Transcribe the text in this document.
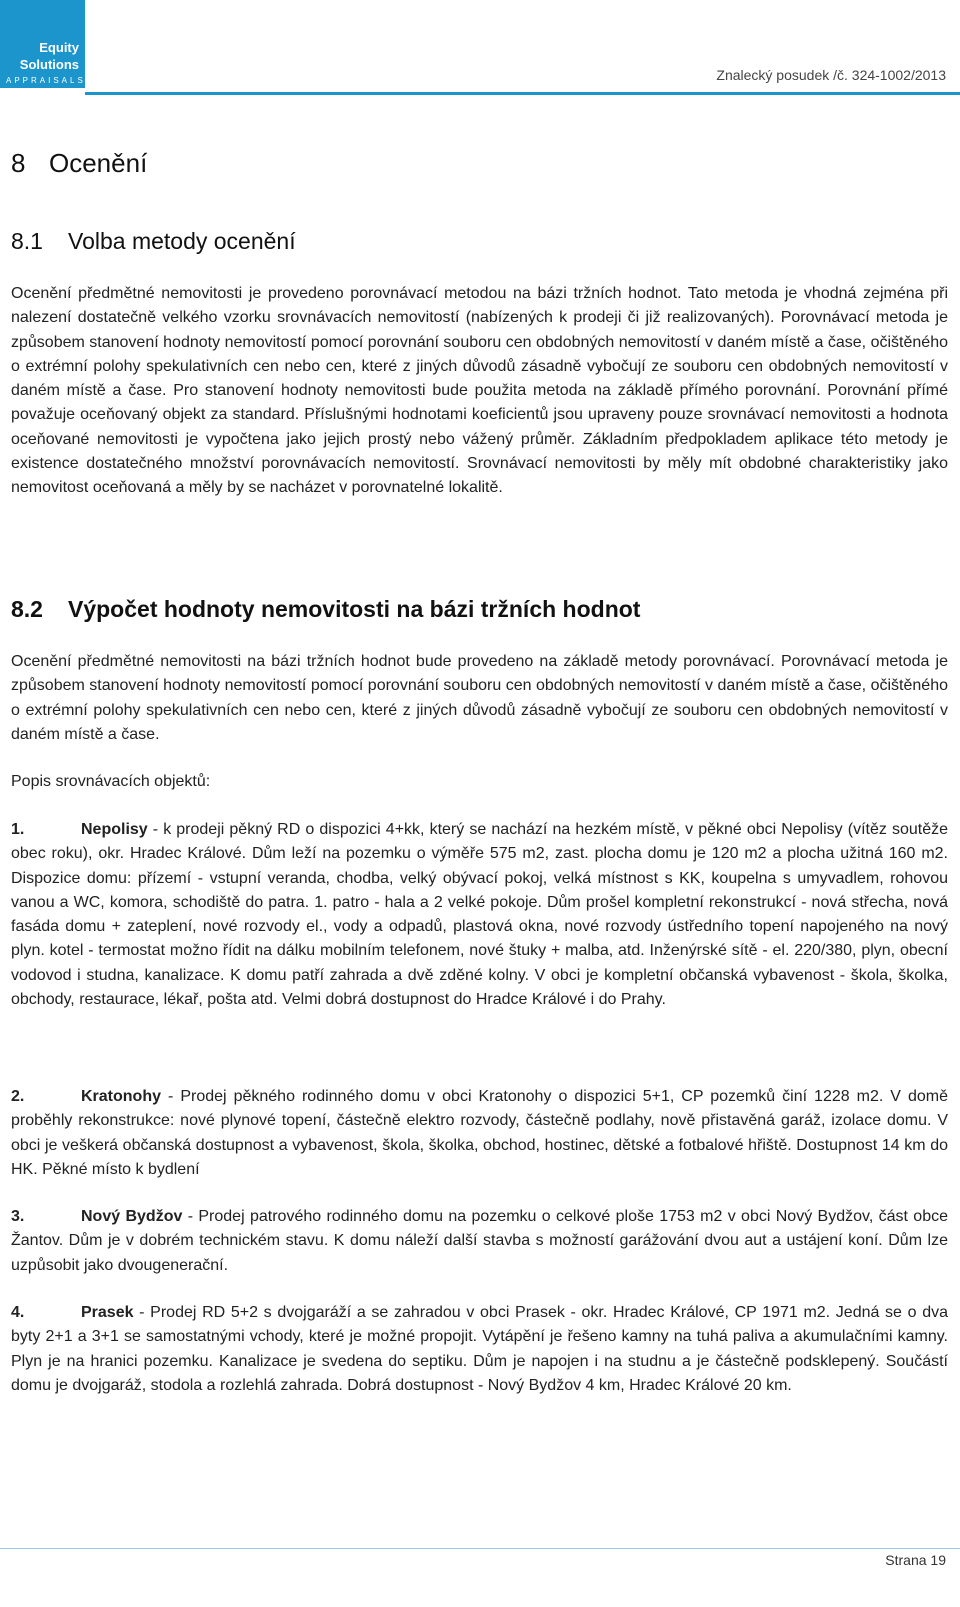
Equity
Solutions
APPRAISALS	Znalecký posudek /č. 324-1002/2013
8 Ocenění
8.1 Volba metody ocenění

Ocenění předmětné nemovitosti je provedeno porovnávací metodou na bázi tržních hodnot. Tato metoda je vhodná zejména při nalezení dostatečně velkého vzorku srovnávacích nemovitostí (nabízených k prodeji či již realizovaných). Porovnávací metoda je způsobem stanovení hodnoty nemovitostí pomocí porovnání souboru cen obdobných nemovitostí v daném místě a čase, očištěného o extrémní polohy spekulativních cen nebo cen, které z jiných důvodů zásadně vybočují ze souboru cen obdobných nemovitostí v daném místě a čase. Pro stanovení hodnoty nemovitosti bude použita metoda na základě přímého porovnání. Porovnání přímé považuje oceňovaný objekt za standard. Příslušnými hodnotami koeficientů jsou upraveny pouze srovnávací nemovitosti a hodnota oceňované nemovitosti je vypočtena jako jejich prostý nebo vážený průměr. Základním předpokladem aplikace této metody je existence dostatečného množství porovnávacích nemovitostí. Srovnávací nemovitosti by měly mít obdobné charakteristiky jako nemovitost oceňovaná a měly by se nacházet v porovnatelné lokalitě.

8.2 Výpočet hodnoty nemovitosti na bázi tržních hodnot

Ocenění předmětné nemovitosti na bázi tržních hodnot bude provedeno na základě metody porovnávací. Porovnávací metoda je způsobem stanovení hodnoty nemovitostí pomocí porovnání souboru cen obdobných nemovitostí v daném místě a čase, očištěného o extrémní polohy spekulativních cen nebo cen, které z jiných důvodů zásadně vybočují ze souboru cen obdobných nemovitostí v daném místě a čase.

Popis srovnávacích objektů:

1.	Nepolisy - k prodeji pěkný RD o dispozici 4+kk, který se nachází na hezkém místě, v pěkné obci Nepolisy (vítěz soutěže obec roku), okr. Hradec Králové. Dům leží na pozemku o výměře 575 m2, zast. plocha domu je 120 m2 a plocha užitná 160 m2. Dispozice domu: přízemí - vstupní veranda, chodba, velký obývací pokoj, velká místnost s KK, koupelna s umyvadlem, rohovou vanou a WC, komora, schodiště do patra. 1. patro - hala a 2 velké pokoje. Dům prošel kompletní rekonstrukcí - nová střecha, nová fasáda domu + zateplení, nové rozvody el., vody a odpadů, plastová okna, nové rozvody ústředního topení napojeného na nový plyn. kotel - termostat možno řídit na dálku mobilním telefonem, nové štuky + malba, atd. Inženýrské sítě - el. 220/380, plyn, obecní vodovod i studna, kanalizace. K domu patří zahrada a dvě zděné kolny. V obci je kompletní občanská vybavenost - škola, školka, obchody, restaurace, lékař, pošta atd. Velmi dobrá dostupnost do Hradce Králové i do Prahy.

2.	Kratonohy - Prodej pěkného rodinného domu v obci Kratonohy o dispozici 5+1, CP pozemků činí 1228 m2. V domě proběhly rekonstrukce: nové plynové topení, částečně elektro rozvody, částečně podlahy, nově přistavěná garáž, izolace domu. V obci je veškerá občanská dostupnost a vybavenost, škola, školka, obchod, hostinec, dětské a fotbalové hřiště. Dostupnost 14 km do HK. Pěkné místo k bydlení

3.	Nový Bydžov - Prodej patrového rodinného domu na pozemku o celkové ploše 1753 m2 v obci Nový Bydžov, část obce Žantov. Dům je v dobrém technickém stavu. K domu náleží další stavba s možností garážování dvou aut a ustájení koní. Dům lze uzpůsobit jako dvougenerační.

4.	Prasek - Prodej RD 5+2 s dvojgaráží a se zahradou v obci Prasek - okr. Hradec Králové, CP 1971 m2. Jedná se o dva byty 2+1 a 3+1 se samostatnými vchody, které je možné propojit. Vytápění je řešeno kamny na tuhá paliva a akumulačními kamny. Plyn je na hranici pozemku. Kanalizace je svedena do septiku. Dům je napojen i na studnu a je částečně podsklepený. Součástí domu je dvojgaráž, stodola a rozlehlá zahrada. Dobrá dostupnost - Nový Bydžov 4 km, Hradec Králové 20 km.

Strana 19
